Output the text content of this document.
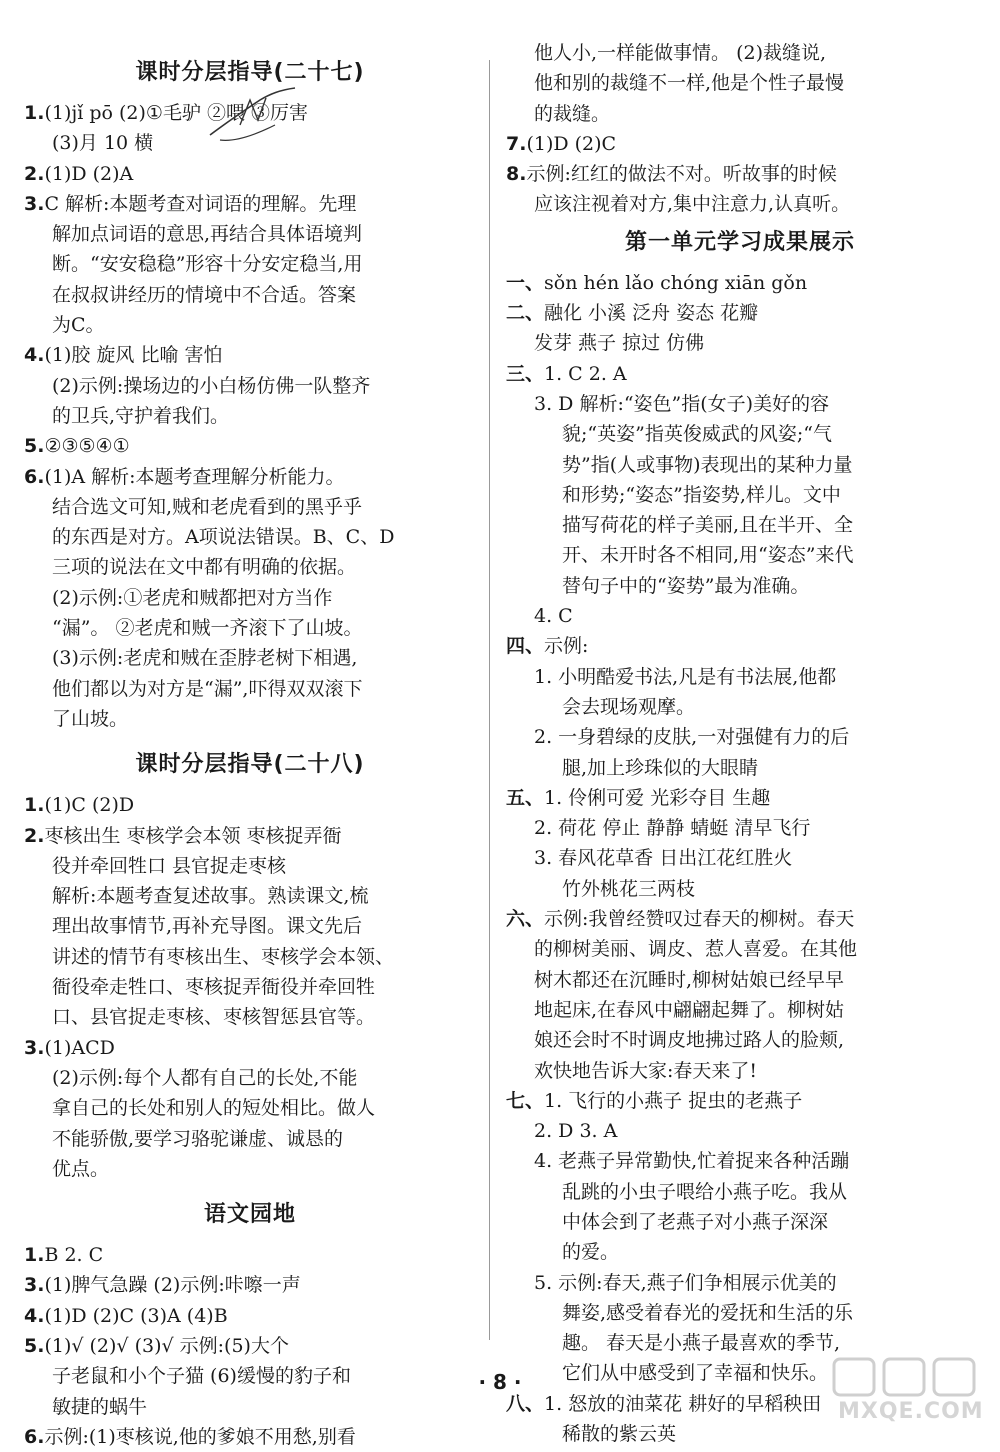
课时分层指导(二十七)
1.(1)jǐ pō (2)①毛驴 ②喂 ③厉害
(3)月 10 横
2.(1)D (2)A
3.C 解析:本题考查对词语的理解。先理
解加点词语的意思,再结合具体语境判
断。“安安稳稳”形容十分安定稳当,用
在叔叔讲经历的情境中不合适。答案
为C。
4.(1)胶 旋风 比喻 害怕
(2)示例:操场边的小白杨仿佛一队整齐
的卫兵,守护着我们。
5.②③⑤④①
6.(1)A 解析:本题考查理解分析能力。
结合选文可知,贼和老虎看到的黑乎乎
的东西是对方。A项说法错误。B、C、D
三项的说法在文中都有明确的依据。
(2)示例:①老虎和贼都把对方当作
“漏”。 ②老虎和贼一齐滚下了山坡。
(3)示例:老虎和贼在歪脖老树下相遇,
他们都以为对方是“漏”,吓得双双滚下
了山坡。
课时分层指导(二十八)
1.(1)C (2)D
2.枣核出生 枣核学会本领 枣核捉弄衙
役并牵回牲口 县官捉走枣核
解析:本题考查复述故事。熟读课文,梳
理出故事情节,再补充导图。课文先后
讲述的情节有枣核出生、枣核学会本领、
衙役牵走牲口、枣核捉弄衙役并牵回牲
口、县官捉走枣核、枣核智惩县官等。
3.(1)ACD
(2)示例:每个人都有自己的长处,不能
拿自己的长处和别人的短处相比。做人
不能骄傲,要学习骆驼谦虚、诚恳的
优点。
语文园地
1.B 2. C
3.(1)脾气急躁 (2)示例:咔嚓一声
4.(1)D (2)C (3)A (4)B
5.(1)√ (2)√ (3)√ 示例:(5)大个
子老鼠和小个子猫 (6)缓慢的豹子和
敏捷的蜗牛
6.示例:(1)枣核说,他的爹娘不用愁,别看
他人小,一样能做事情。 (2)裁缝说,
他和别的裁缝不一样,他是个性子最慢
的裁缝。
7.(1)D (2)C
8.示例:红红的做法不对。听故事的时候
应该注视着对方,集中注意力,认真听。
第一单元学习成果展示
一、sǒn hén lǎo chóng xiān gǒn
二、融化 小溪 泛舟 姿态 花瓣
发芽 燕子 掠过 仿佛
三、1. C 2. A
3. D 解析:“姿色”指(女子)美好的容
貌;“英姿”指英俊威武的风姿;“气
势”指(人或事物)表现出的某种力量
和形势;“姿态”指姿势,样儿。文中
描写荷花的样子美丽,且在半开、全
开、未开时各不相同,用“姿态”来代
替句子中的“姿势”最为准确。
4. C
四、示例:
1. 小明酷爱书法,凡是有书法展,他都
会去现场观摩。
2. 一身碧绿的皮肤,一对强健有力的后
腿,加上珍珠似的大眼睛
五、1. 伶俐可爱 光彩夺目 生趣
2. 荷花 停止 静静 蜻蜓 清早飞行
3. 春风花草香 日出江花红胜火
竹外桃花三两枝
六、示例:我曾经赞叹过春天的柳树。春天
的柳树美丽、调皮、惹人喜爱。在其他
树木都还在沉睡时,柳树姑娘已经早早
地起床,在春风中翩翩起舞了。柳树姑
娘还会时不时调皮地拂过路人的脸颊,
欢快地告诉大家:春天来了!
七、1. 飞行的小燕子 捉虫的老燕子
2. D 3. A
4. 老燕子异常勤快,忙着捉来各种活蹦
乱跳的小虫子喂给小燕子吃。我从
中体会到了老燕子对小燕子深深
的爱。
5. 示例:春天,燕子们争相展示优美的
舞姿,感受着春光的爱抚和生活的乐
趣。 春天是小燕子最喜欢的季节,
它们从中感受到了幸福和快乐。
八、1. 怒放的油菜花 耕好的早稻秧田
稀散的紫云英
· 8 ·
MXQE.COM
